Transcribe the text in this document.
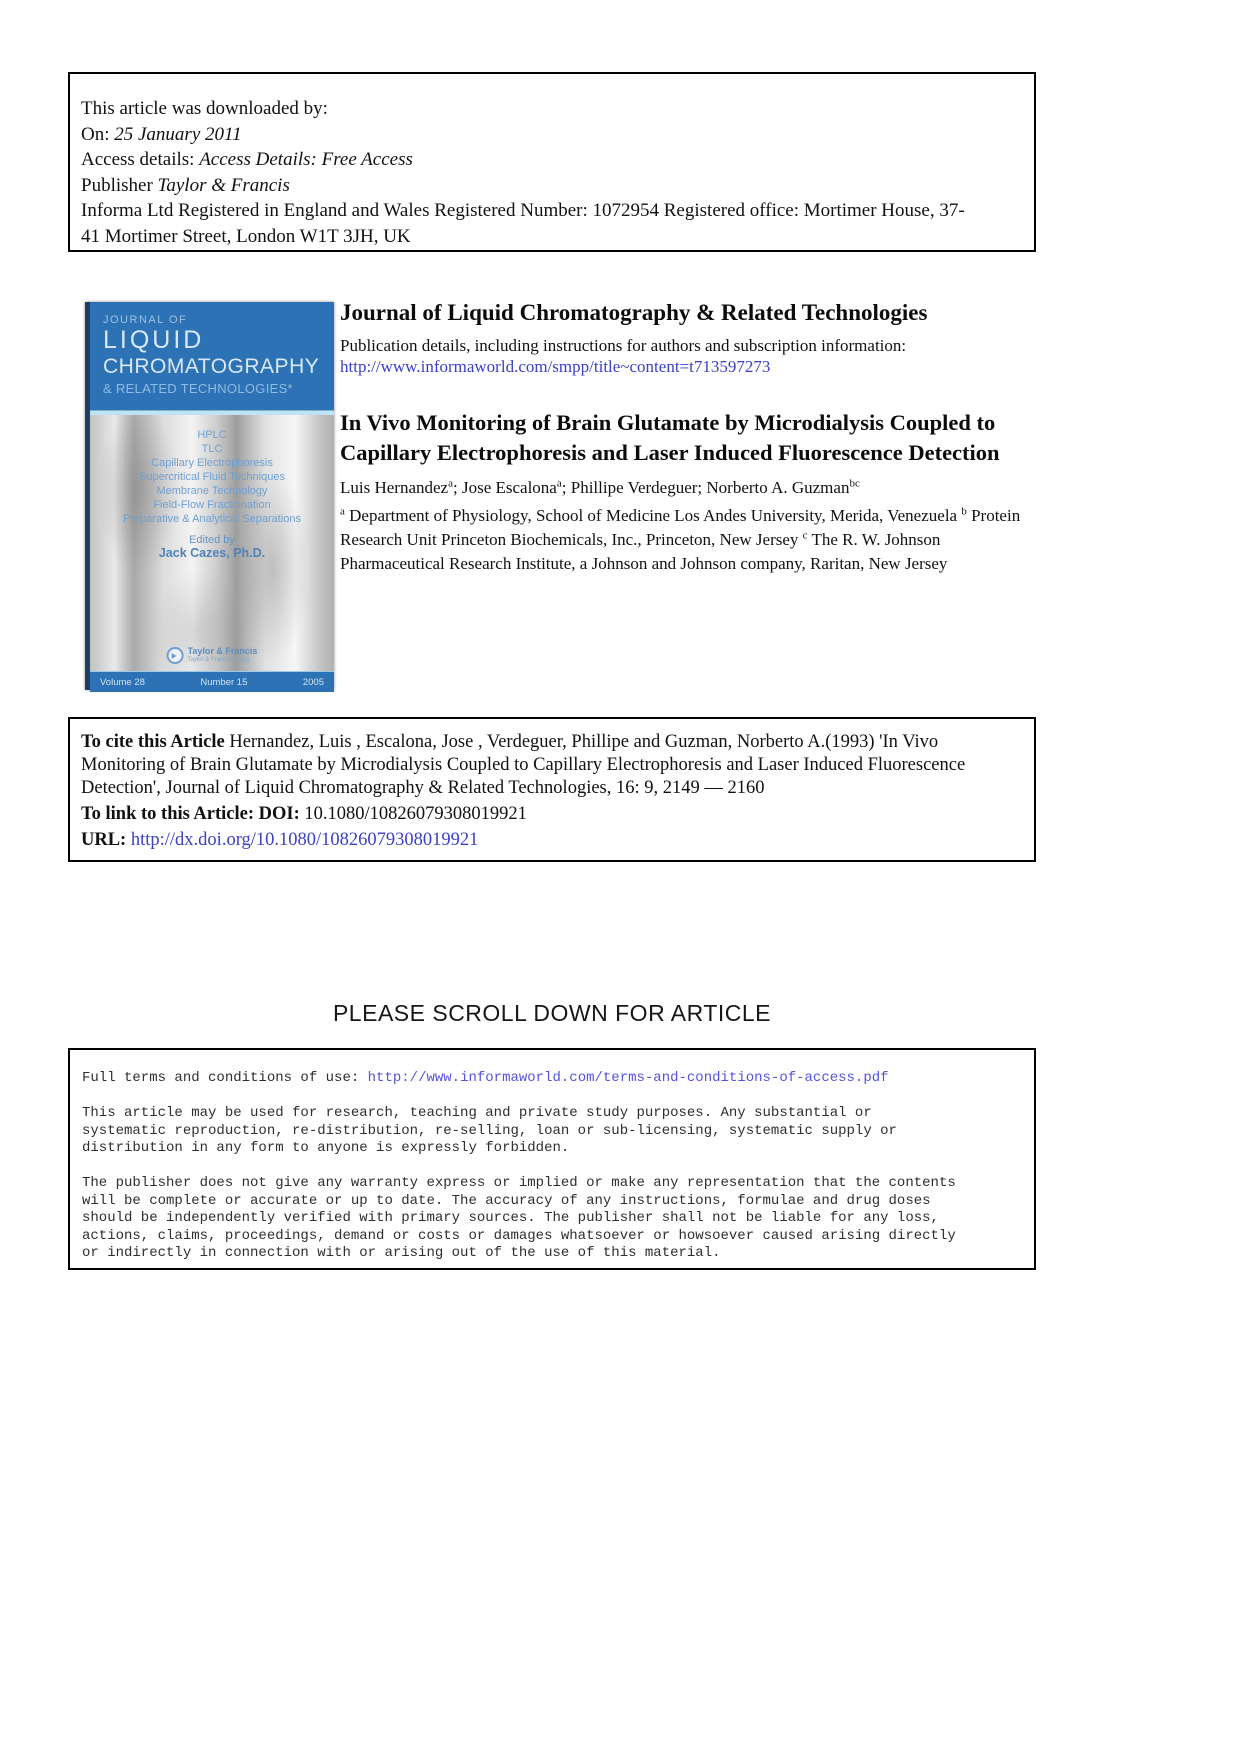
This article was downloaded by:
On: 25 January 2011
Access details: Access Details: Free Access
Publisher Taylor & Francis
Informa Ltd Registered in England and Wales Registered Number: 1072954 Registered office: Mortimer House, 37-
41 Mortimer Street, London W1T 3JH, UK
JOURNAL OF
LIQUID
CHROMATOGRAPHY
& RELATED TECHNOLOGIES*
HPLC
TLC
Capillary Electrophoresis
Supercritical Fluid Techniques
Membrane Technology
Field-Flow Fractionation
Preparative & Analytical Separations
Edited by
Jack Cazes, Ph.D.
Taylor & Francis
Taylor & Francis Group
Volume 28	Number 15	2005
Journal of Liquid Chromatography & Related Technologies
Publication details, including instructions for authors and subscription information:
http://www.informaworld.com/smpp/title~content=t713597273
In Vivo Monitoring of Brain Glutamate by Microdialysis Coupled to Capillary Electrophoresis and Laser Induced Fluorescence Detection
Luis Hernandez$^a$; Jose Escalona$^a$; Phillipe Verdeguer; Norberto A. Guzman$^{bc}$
$^a$ Department of Physiology, School of Medicine Los Andes University, Merida, Venezuela $^b$ Protein Research Unit Princeton Biochemicals, Inc., Princeton, New Jersey $^c$ The R. W. Johnson Pharmaceutical Research Institute, a Johnson and Johnson company, Raritan, New Jersey

To cite this Article Hernandez, Luis , Escalona, Jose , Verdeguer, Phillipe and Guzman, Norberto A.(1993) 'In Vivo
Monitoring of Brain Glutamate by Microdialysis Coupled to Capillary Electrophoresis and Laser Induced Fluorescence
Detection', Journal of Liquid Chromatography & Related Technologies, 16: 9, 2149 — 2160

To link to this Article: DOI: 10.1080/10826079308019921

URL: http://dx.doi.org/10.1080/10826079308019921

PLEASE SCROLL DOWN FOR ARTICLE
Full terms and conditions of use: http://www.informaworld.com/terms-and-conditions-of-access.pdf

This article may be used for research, teaching and private study purposes. Any substantial or
systematic reproduction, re-distribution, re-selling, loan or sub-licensing, systematic supply or
distribution in any form to anyone is expressly forbidden.

The publisher does not give any warranty express or implied or make any representation that the contents
will be complete or accurate or up to date. The accuracy of any instructions, formulae and drug doses
should be independently verified with primary sources. The publisher shall not be liable for any loss,
actions, claims, proceedings, demand or costs or damages whatsoever or howsoever caused arising directly
or indirectly in connection with or arising out of the use of this material.
